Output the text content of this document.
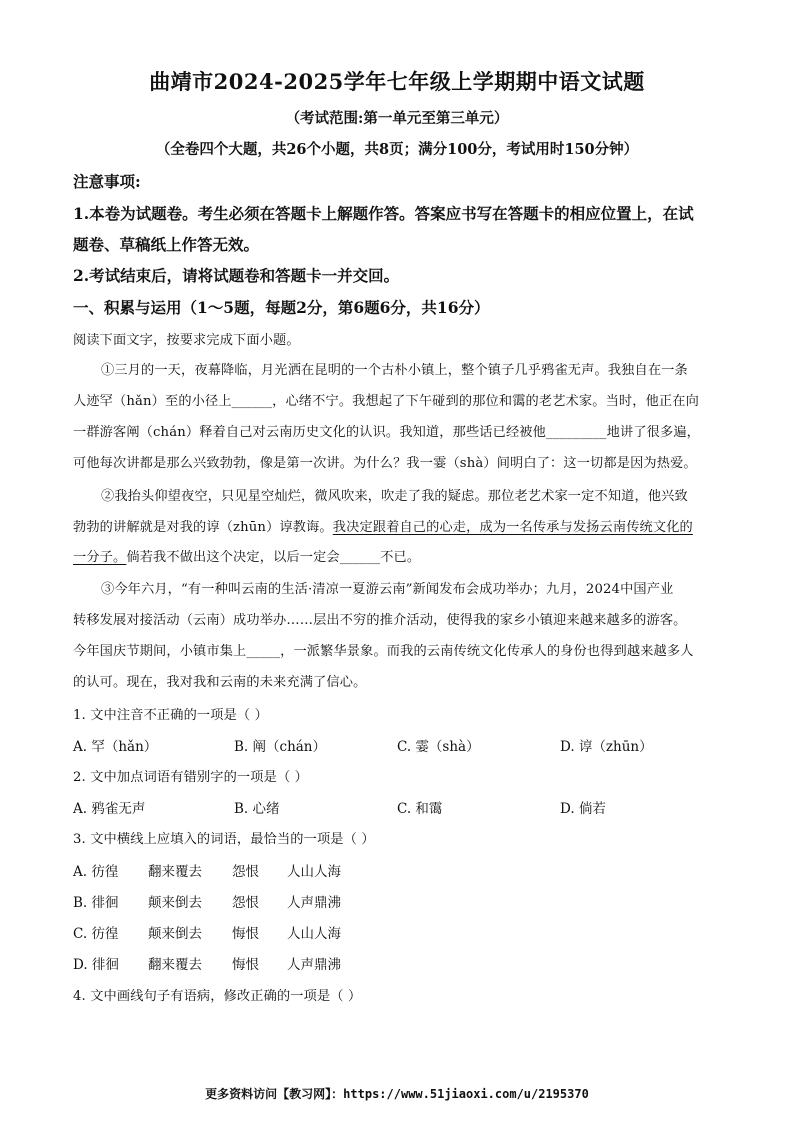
曲靖市2024-2025学年七年级上学期期中语文试题
（考试范围:第一单元至第三单元）
（全卷四个大题，共26个小题，共8页；满分100分，考试用时150分钟）
注意事项:
1.本卷为试题卷。考生必须在答题卡上解题作答。答案应书写在答题卡的相应位置上，在试
题卷、草稿纸上作答无效。
2.考试结束后，请将试题卷和答题卡一并交回。
一、积累与运用（1～5题，每题2分，第6题6分，共16分）
阅读下面文字，按要求完成下面小题。
①三月的一天，夜幕降临，月光洒在昆明的一个古朴小镇上，整个镇子几乎鸦雀无声。我独自在一条
人迹罕（hǎn）至的小径上______，心绪不宁。我想起了下午碰到的那位和霭的老艺术家。当时，他正在向
一群游客阐（chán）释着自己对云南历史文化的认识。我知道，那些话已经被他_________地讲了很多遍，
可他每次讲都是那么兴致勃勃，像是第一次讲。为什么？我一霎（shà）间明白了：这一切都是因为热爱。
②我抬头仰望夜空，只见星空灿烂，微风吹来，吹走了我的疑虑。那位老艺术家一定不知道，他兴致
勃勃的讲解就是对我的谆（zhūn）谆教诲。我决定跟着自己的心走，成为一名传承与发扬云南传统文化的
一分子。倘若我不做出这个决定，以后一定会______不已。
③今年六月，“有一种叫云南的生活·清凉一夏游云南”新闻发布会成功举办；九月，2024中国产业
转移发展对接活动（云南）成功举办……层出不穷的推介活动，使得我的家乡小镇迎来越来越多的游客。
今年国庆节期间，小镇市集上_____，一派繁华景象。而我的云南传统文化传承人的身份也得到越来越多人
的认可。现在，我对我和云南的未来充满了信心。
1. 文中注音不正确的一项是（ ）
A. 罕（hǎn）	B. 阐（chán）	C. 霎（shà）	D. 谆（zhūn）
2. 文中加点词语有错别字的一项是（ ）
A. 鸦雀无声	B. 心绪	C. 和霭	D. 倘若
3. 文中横线上应填入的词语，最恰当的一项是（ ）
A. 彷徨 翻来覆去 怨恨 人山人海
B. 徘徊 颠来倒去 怨恨 人声鼎沸
C. 彷徨 颠来倒去 悔恨 人山人海
D. 徘徊 翻来覆去 悔恨 人声鼎沸
4. 文中画线句子有语病，修改正确的一项是（ ）
更多资料访问【教习网】：https://www.51jiaoxi.com/u/2195370
